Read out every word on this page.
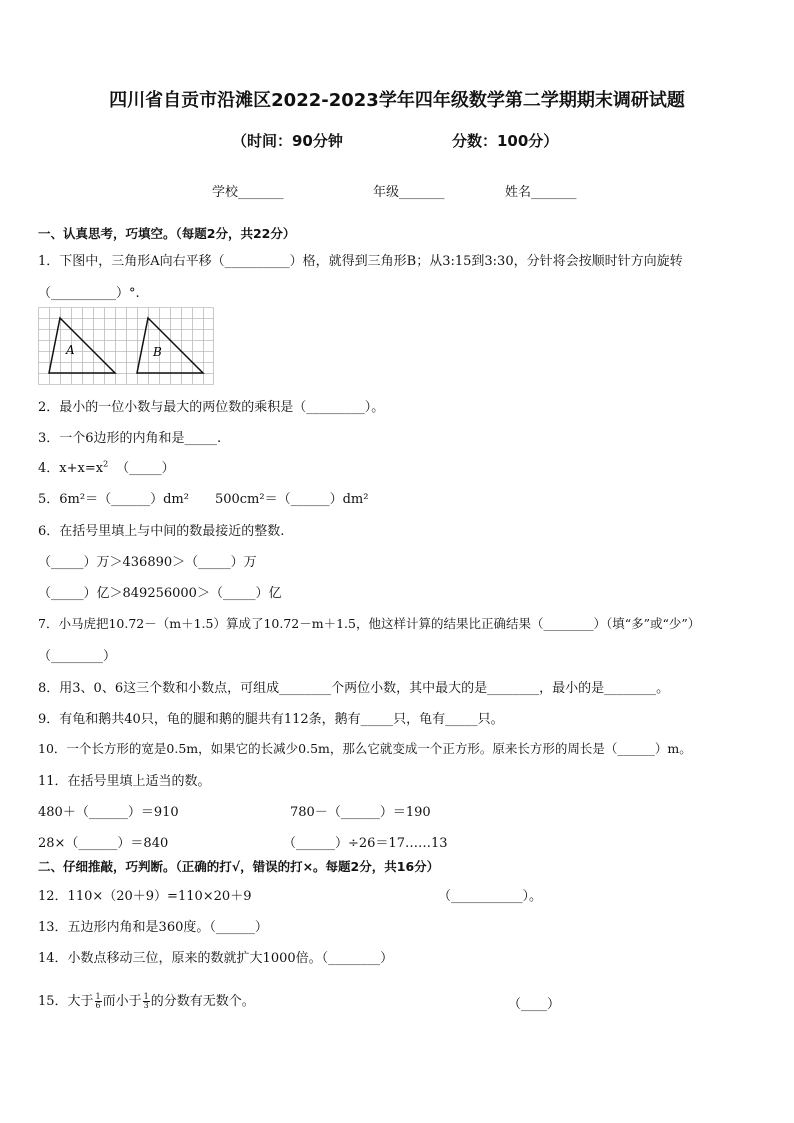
四川省自贡市沿滩区2022-2023学年四年级数学第二学期期末调研试题
（时间：90分钟	分数：100分）
学校_______	年级_______	姓名_______
一、认真思考，巧填空。（每题2分，共22分）
1．下图中，三角形A向右平移（__________）格，就得到三角形B；从3:15到3:30，分针将会按顺时针方向旋转
（__________）°.
A	B
2．最小的一位小数与最大的两位数的乘积是（_________）。
3．一个6边形的内角和是_____.
4．$x+x=x^2$ （_____）
5．6m²＝（______）dm²　　500cm²＝（______）dm²
6．在括号里填上与中间的数最接近的整数.
（_____）万＞436890＞（_____）万
（_____）亿＞849256000＞（_____）亿
7．小马虎把10.72－（m＋1.5）算成了10.72－m＋1.5，他这样计算的结果比正确结果（________）（填“多”或“少”）
（________）
8．用3、0、6这三个数和小数点，可组成________个两位小数，其中最大的是________，最小的是________。
9．有龟和鹅共40只，龟的腿和鹅的腿共有112条，鹅有_____只，龟有_____只。
10．一个长方形的宽是0.5m，如果它的长减少0.5m，那么它就变成一个正方形。原来长方形的周长是（______）m。
11．在括号里填上适当的数。
480＋（______）＝910	780－（______）＝190
28×（______）＝840	（______）÷26＝17……13
二、仔细推敲，巧判断。（正确的打√，错误的打×。每题2分，共16分）
12．110×（20＋9）=110×20＋9	（___________）。
13．五边形内角和是360度。（______）
14．小数点移动三位，原来的数就扩大1000倍。（________）
15．大于 $\frac{1}{6}$ 而小于 $\frac{1}{3}$ 的分数有无数个。	（____）
